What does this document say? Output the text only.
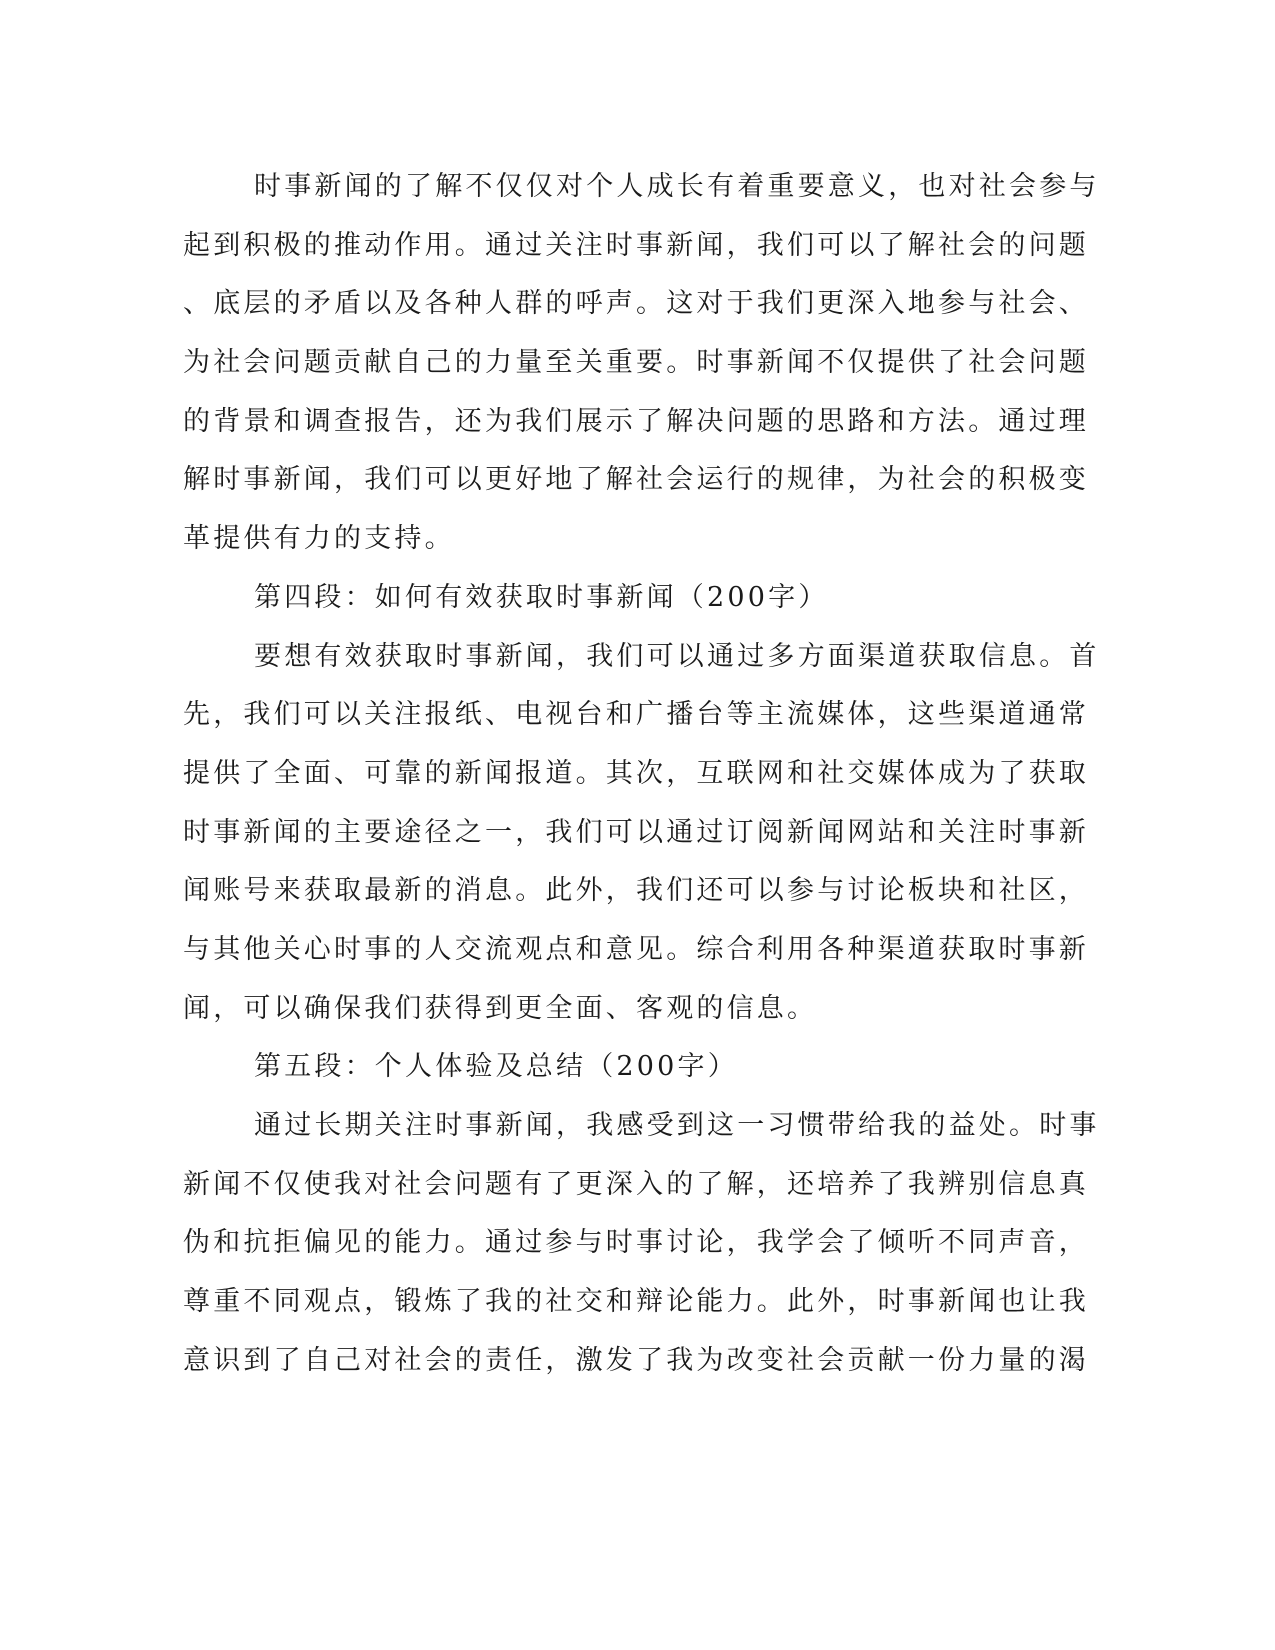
时事新闻的了解不仅仅对个人成长有着重要意义，也对社会参与
起到积极的推动作用。通过关注时事新闻，我们可以了解社会的问题
、底层的矛盾以及各种人群的呼声。这对于我们更深入地参与社会、
为社会问题贡献自己的力量至关重要。时事新闻不仅提供了社会问题
的背景和调查报告，还为我们展示了解决问题的思路和方法。通过理
解时事新闻，我们可以更好地了解社会运行的规律，为社会的积极变
革提供有力的支持。
第四段：如何有效获取时事新闻（200字）
要想有效获取时事新闻，我们可以通过多方面渠道获取信息。首
先，我们可以关注报纸、电视台和广播台等主流媒体，这些渠道通常
提供了全面、可靠的新闻报道。其次，互联网和社交媒体成为了获取
时事新闻的主要途径之一，我们可以通过订阅新闻网站和关注时事新
闻账号来获取最新的消息。此外，我们还可以参与讨论板块和社区，
与其他关心时事的人交流观点和意见。综合利用各种渠道获取时事新
闻，可以确保我们获得到更全面、客观的信息。
第五段：个人体验及总结（200字）
通过长期关注时事新闻，我感受到这一习惯带给我的益处。时事
新闻不仅使我对社会问题有了更深入的了解，还培养了我辨别信息真
伪和抗拒偏见的能力。通过参与时事讨论，我学会了倾听不同声音，
尊重不同观点，锻炼了我的社交和辩论能力。此外，时事新闻也让我
意识到了自己对社会的责任，激发了我为改变社会贡献一份力量的渴
